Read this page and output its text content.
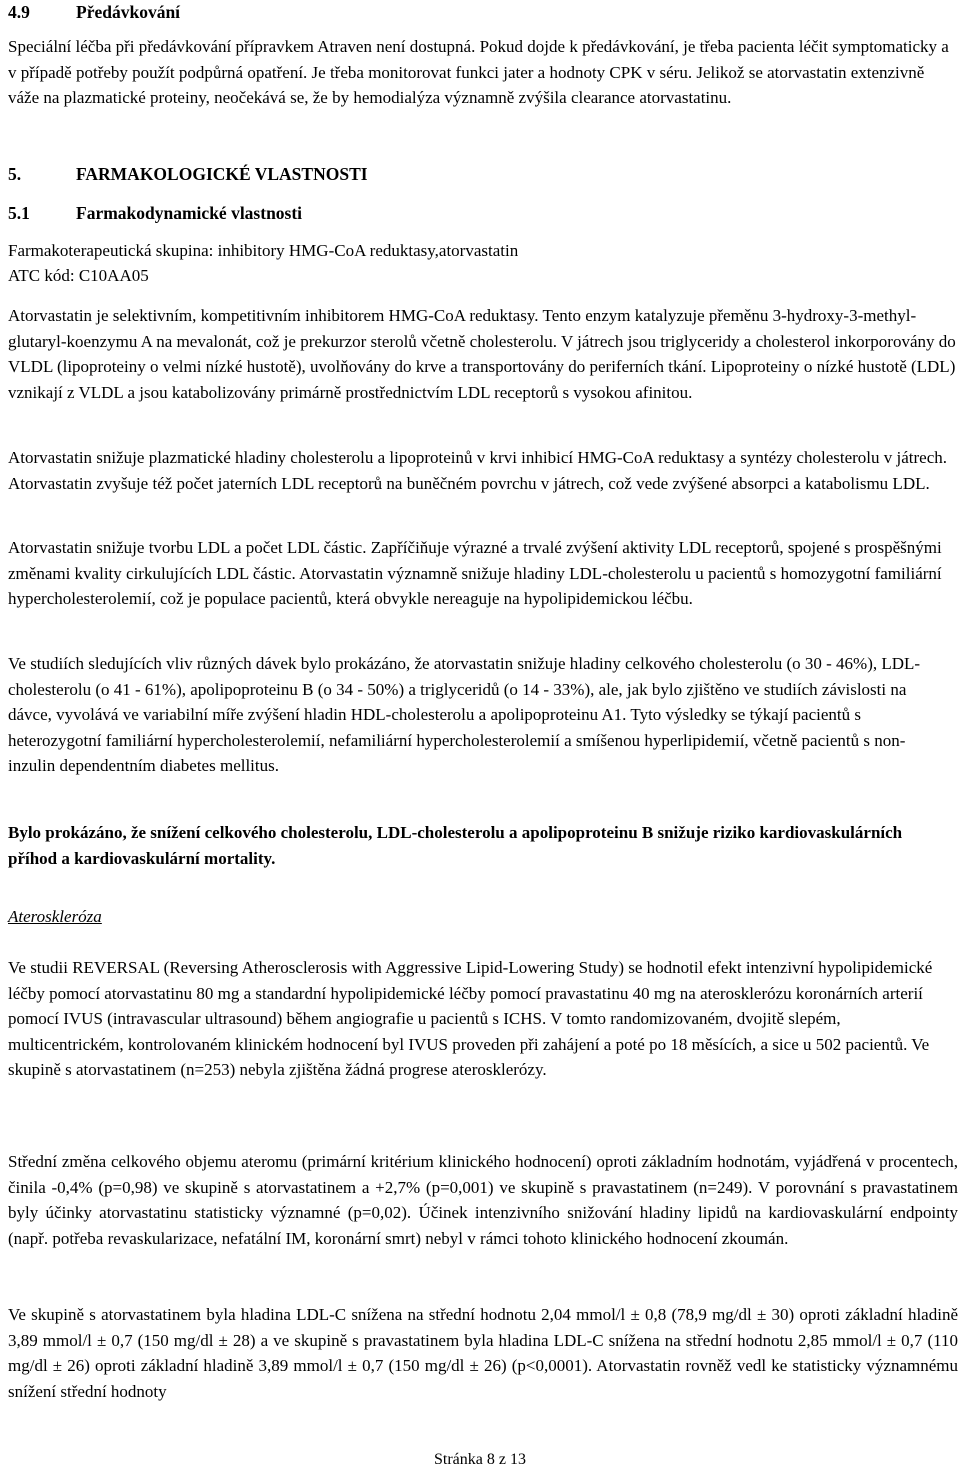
4.9	Předávkování

Speciální léčba při předávkování přípravkem Atraven není dostupná. Pokud dojde k předávkování, je třeba pacienta léčit symptomaticky a v případě potřeby použít podpůrná opatření. Je třeba monitorovat funkci jater a hodnoty CPK v séru. Jelikož se atorvastatin extenzivně váže na plazmatické proteiny, neočekává se, že by hemodialýza významně zvýšila clearance atorvastatinu.

5.	FARMAKOLOGICKÉ VLASTNOSTI
5.1	Farmakodynamické vlastnosti

Farmakoterapeutická skupina: inhibitory HMG-CoA reduktasy,atorvastatin

ATC kód: C10AA05

Atorvastatin je selektivním, kompetitivním inhibitorem HMG-CoA reduktasy. Tento enzym katalyzuje přeměnu 3-hydroxy-3-methyl-glutaryl-koenzymu A na mevalonát, což je prekurzor sterolů včetně cholesterolu. V játrech jsou triglyceridy a cholesterol inkorporovány do VLDL (lipoproteiny o velmi nízké hustotě), uvolňovány do krve a transportovány do periferních tkání. Lipoproteiny o nízké hustotě (LDL) vznikají z VLDL a jsou katabolizovány primárně prostřednictvím LDL receptorů s vysokou afinitou.

Atorvastatin snižuje plazmatické hladiny cholesterolu a lipoproteinů v krvi inhibicí HMG-CoA reduktasy a syntézy cholesterolu v játrech. Atorvastatin zvyšuje též počet jaterních LDL receptorů na buněčném povrchu v játrech, což vede zvýšené absorpci a katabolismu LDL.

Atorvastatin snižuje tvorbu LDL a počet LDL částic. Zapříčiňuje výrazné a trvalé zvýšení aktivity LDL receptorů, spojené s prospěšnými změnami kvality cirkulujících LDL částic. Atorvastatin významně snižuje hladiny LDL-cholesterolu u pacientů s homozygotní familiární hypercholesterolemií, což je populace pacientů, která obvykle nereaguje na hypolipidemickou léčbu.

Ve studiích sledujících vliv různých dávek bylo prokázáno, že atorvastatin snižuje hladiny celkového cholesterolu (o 30 - 46%), LDL-cholesterolu (o 41 - 61%), apolipoproteinu B (o 34 - 50%) a triglyceridů (o 14 - 33%), ale, jak bylo zjištěno ve studiích závislosti na dávce, vyvolává ve variabilní míře zvýšení hladin HDL-cholesterolu a apolipoproteinu A1. Tyto výsledky se týkají pacientů s heterozygotní familiární hypercholesterolemií, nefamiliární hypercholesterolemií a smíšenou hyperlipidemií, včetně pacientů s non-inzulin dependentním diabetes mellitus.

Bylo prokázáno, že snížení celkového cholesterolu, LDL-cholesterolu a apolipoproteinu B snižuje riziko kardiovaskulárních příhod a kardiovaskulární mortality.

Ateroskleróza

Ve studii REVERSAL (Reversing Atherosclerosis with Aggressive Lipid-Lowering Study) se hodnotil efekt intenzivní hypolipidemické léčby pomocí atorvastatinu 80 mg a standardní hypolipidemické léčby pomocí pravastatinu 40 mg na aterosklerózu koronárních arterií pomocí IVUS (intravascular ultrasound) během angiografie u pacientů s ICHS. V tomto randomizovaném, dvojitě slepém, multicentrickém, kontrolovaném klinickém hodnocení byl IVUS proveden při zahájení a poté po 18 měsících, a sice u 502 pacientů. Ve skupině s atorvastatinem (n=253) nebyla zjištěna žádná progrese aterosklerózy.

Střední změna celkového objemu ateromu (primární kritérium klinického hodnocení) oproti základním hodnotám, vyjádřená v procentech, činila -0,4% (p=0,98) ve skupině s atorvastatinem a +2,7% (p=0,001) ve skupině s pravastatinem (n=249). V porovnání s pravastatinem byly účinky atorvastatinu statisticky významné (p=0,02). Účinek intenzivního snižování hladiny lipidů na kardiovaskulární endpointy (např. potřeba revaskularizace, nefatální IM, koronární smrt) nebyl v rámci tohoto klinického hodnocení zkoumán.

Ve skupině s atorvastatinem byla hladina LDL-C snížena na střední hodnotu 2,04 mmol/l ± 0,8 (78,9 mg/dl ± 30) oproti základní hladině 3,89 mmol/l ± 0,7 (150 mg/dl ± 28) a ve skupině s pravastatinem byla hladina LDL-C snížena na střední hodnotu 2,85 mmol/l ± 0,7 (110 mg/dl ± 26) oproti základní hladině 3,89 mmol/l ± 0,7 (150 mg/dl ± 26) (p<0,0001). Atorvastatin rovněž vedl ke statisticky významnému snížení střední hodnoty

Stránka 8 z 13
